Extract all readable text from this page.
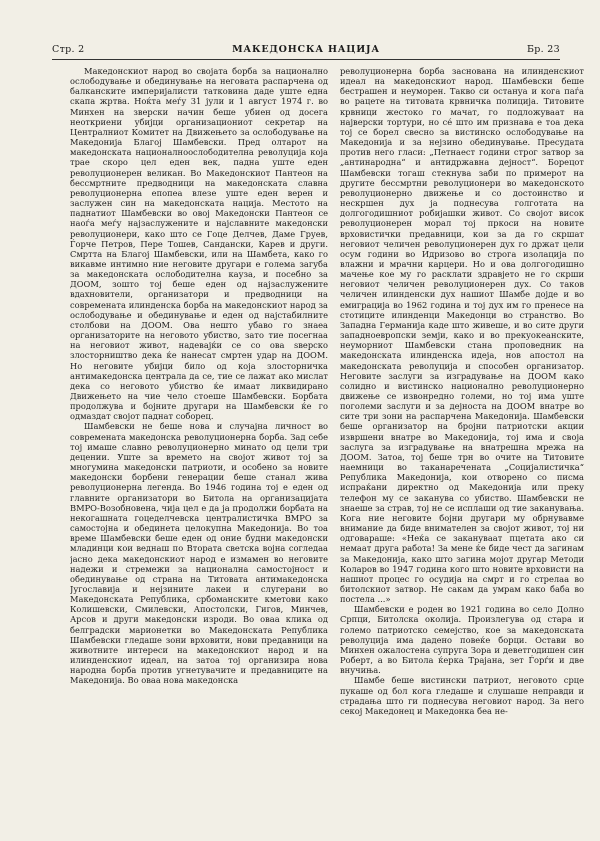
Стр. 2	МАКЕДОНСКА НАЦИЈА	Бр. 23

Македонскиот народ во својата борба за национално ослободување и обединување на неговата распарчена од балканските империјалисти татковина даде уште една скапа жртва. Ноќта меѓу 31 јули и 1 август 1974 г. во Минхен на зверски начин беше убиен од досега неоткриени убијци организациониот секретар на Централниот Комитет на Движењето за ослободување на Македонија Благој Шамбевски. Пред олтарот на македонската националноослободителна револуција која трае скоро цел еден век, падна уште еден револуционерен великан. Во Македонскиот Пантеон на бессмртните предводници на македонската славна револуционерна епопеа влезе уште еден верен и заслужен син на македонската нација. Местото на паднатиот Шамбевски во овој Македонски Пантеон се наоѓа меѓу најзаслужените и најславните македонски револуционери, како што се Гоце Делчев, Даме Груев, Ѓорче Петров, Пере Тошев, Сандански, Карев и други. Смртта на Благој Шамбевски, или на Шамбета, како го викавме интимно ние неговите другари е голема загуба за македонската ослободителна кауза, и посебно за ДООМ, зошто тој беше еден од најзаслужените вдахновители, организатори и предводници на современата илинденска борба на македонскиот народ за ослободување и обединување и еден од најстабилните столбови на ДООМ. Ова нешто убаво го знаеа организаторите на неговото убиство, зато тие посегнаа на неговиот живот, надевајќи се со ова ѕверско злосторништво дека ќе нанесат смртен удар на ДООМ. Но неговите убијци било од која злосторничка антимакедонска централа да се, тие се лажат ако мислат дека со неговото убиство ќе имаат ликвидирано Движењето на чие чело стоеше Шамбевски. Борбата продолжува и бојните другари на Шамбевски ќе го одмаздат својот паднат соборец.

Шамбевски не беше нова и случајна личност во современата македонска револуционерна борба. Зад себе тој имаше славно револуционерно минато од цели три децении. Уште за времето на својот живот тој за многумина македонски патриоти, и особено за новите македонски борбени генерации беше станал жива револуционерна легенда. Во 1946 година тој е еден од главните организатори во Битола на организацијата ВМРО-Возобновена, чија цел е да ја продолжи борбата на некогашната гоцеделчевска централистичка ВМРО за самостојна и обединета целокупна Македонија. Во тоа време Шамбевски беше еден од оние будни македонски младинци кои веднаш по Втората светска војна согледаа јасно дека македонскиот народ е измамен во неговите надежи и стремежи за национална самостојност и обединување од страна на Титовата антимакедонска Југославија и нејзините лакеи и слугерани во Македонската Република, србоманските кметови како Колишевски, Смилевски, Апостолски, Гигов, Минчев, Арсов и други македонски изроди. Во оваа клика од белградски марионетки во Македонската Република Шамбевски гледаше зони врховити, нови предавници на животните интереси на македонскиот народ и на илинденскиот идеал, на затоа тој организира нова народна борба против угнетувачите и предавниците на Македонија. Во оваа нова македонска

револуционерна борба заснована на илинденскиот идеал на македонскиот народ. Шамбевски беше бестрашен и неуморен. Таквo си остануа и кога паѓа во рацете на титовата крвничка полиција. Титовите крвници жестоко го мачат, го подложуваат на најверски тортури, но сé што им признава е тоа дека тој се борел свесно за вистинско ослободување на Македонија и за нејзино обединување. Пресудата против него гласи: „Петнаест години строг затвор за „антинародна“ и антидржавна дејност“. Борецот Шамбевски тогаш стекнува заби по примерот на другите бессмртни револуционери во македонското револуционерно движење и со достоинство и нескршен дух ја поднесува голготата на долгогодишниот робијашки живот. Со својот висок револуционерен морал тој пркоси на новите врховистички предавници, кои за да го скршат неговиот челичен револуционерен дух го држат цели осум години во Идризово во строга изолација по влажни и мрачни карцери. Но и ова долгогодишно мачење кое му го расклати здравјето не го скрши неговиот челичен револуционерен дух. Со таков челичен илинденски дух нашиот Шамбе дојде и во емиграција во 1962 година и тој дух им го пренесе на стотиците илинденци Македонци во странство. Во Западна Германија каде што живеше, и во сите други западноевропски земји, како и во прекуокеанските, неуморниот Шамбевски стана проповедник на македонската илинденска идеја, нов апостол на македонската револуција и способен организатор. Неговите заслуги за изградување на ДООМ како солидно и вистинско национално револуционерно движење се извонредно големи, но тој има уште поголеми заслуги и за дејноста на ДООМ внатре во сите три зони на распарчена Македонија. Шамбевски беше организатор на бројни патриотски акции извршени внатре во Македонија, тој има и своја заслуга за изградување на внатрешна мрежа на ДООМ. Затоа, тој беше трн во очите на Титовите наемници во таканаречената „Социјалистичка“ Република Македонија, кои отворено со писма испраќани директно од Македонија или преку телефон му се заканува со убиство. Шамбевски не знаеше за страв, тој не се исплаши од тие заканувања. Кога ние неговите бојни другари му обрнувавме внимание да биде внимателен за својот живот, тој ни одговараше: «Неќа се закануваат пцетата ако си немаат друга работа! За мене ќе биде чест да загинам за Македонија, како што загина мојот другар Методи Коларов во 1947 година кого што новите врховисти на нашиот процес го осудија на смрт и го стрелаа во битолскиот затвор. Не сакам да умрам како баба во постела ...»

Шамбевски е роден во 1921 година во село Долно Српци, Битолска околија. Произлегува од стара и големо патриотско семејство, кое за македонската револуција има дадено повеќе борци. Остави во Минхен ожалостена супруга Зора и деветгодишен син Роберт, а во Битола ќерка Трајана, зет Ѓорѓи и две внучиња.

Шамбе беше вистински патриот, неговото срце пукаше од бол кога гледаше и слушаше неправди и страдања што ги поднесува неговиот народ. За него секој Македонец и Македонка беа не-
